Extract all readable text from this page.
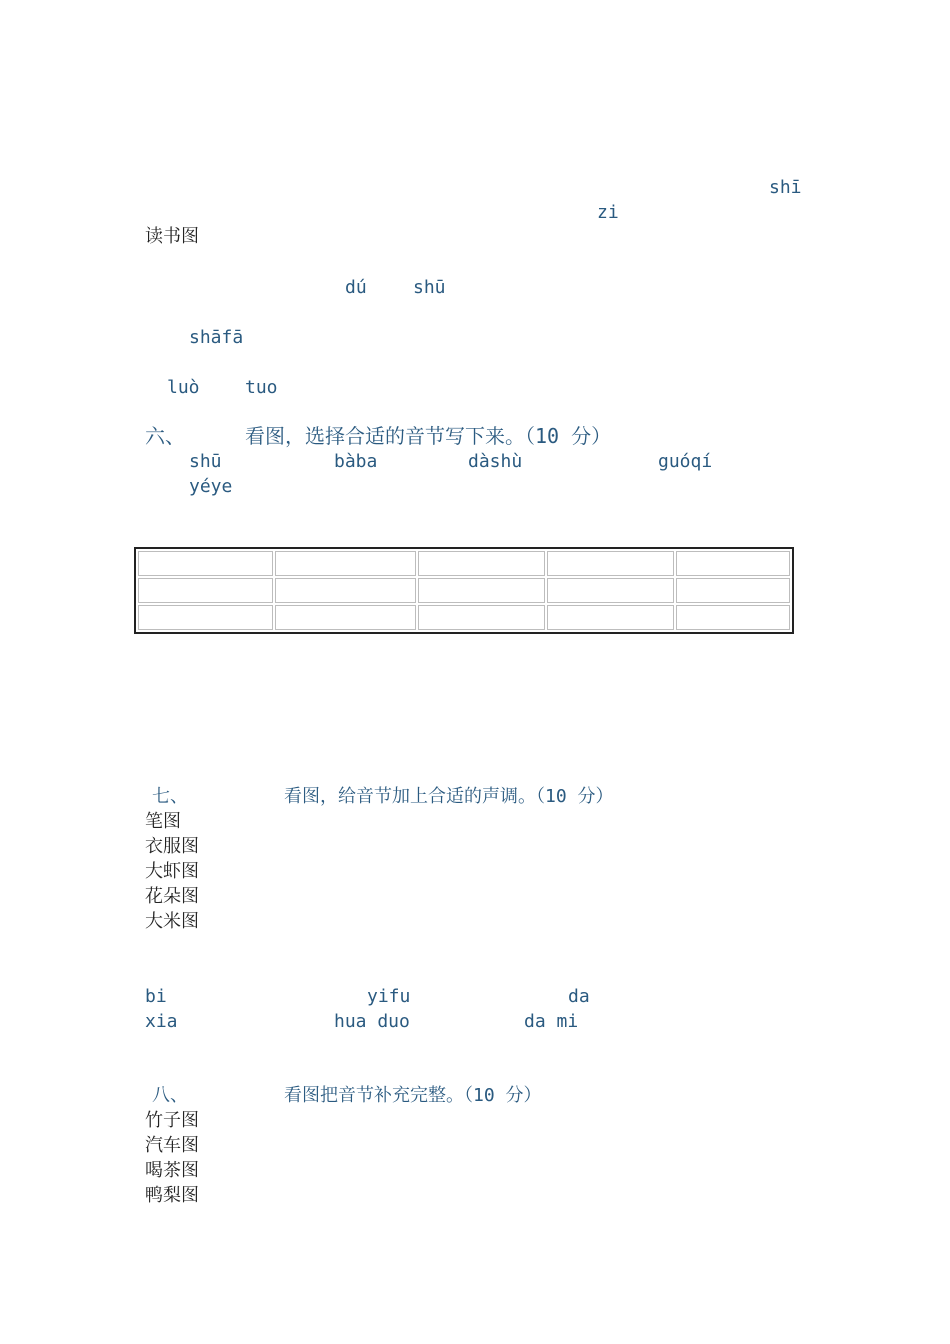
shī
zi
读书图
dú	shū
shāfā
luò	tuo
六、	看图，选择合适的音节写下来。（10 分）
shū	bàba	dàshù	guóqí
yéye

七、	看图，给音节加上合适的声调。（10 分）
笔图
衣服图
大虾图
花朵图
大米图
bi	yifu	da
xia	hua duo	da mi
八、	看图把音节补充完整。（10 分）
竹子图
汽车图
喝茶图
鸭梨图
